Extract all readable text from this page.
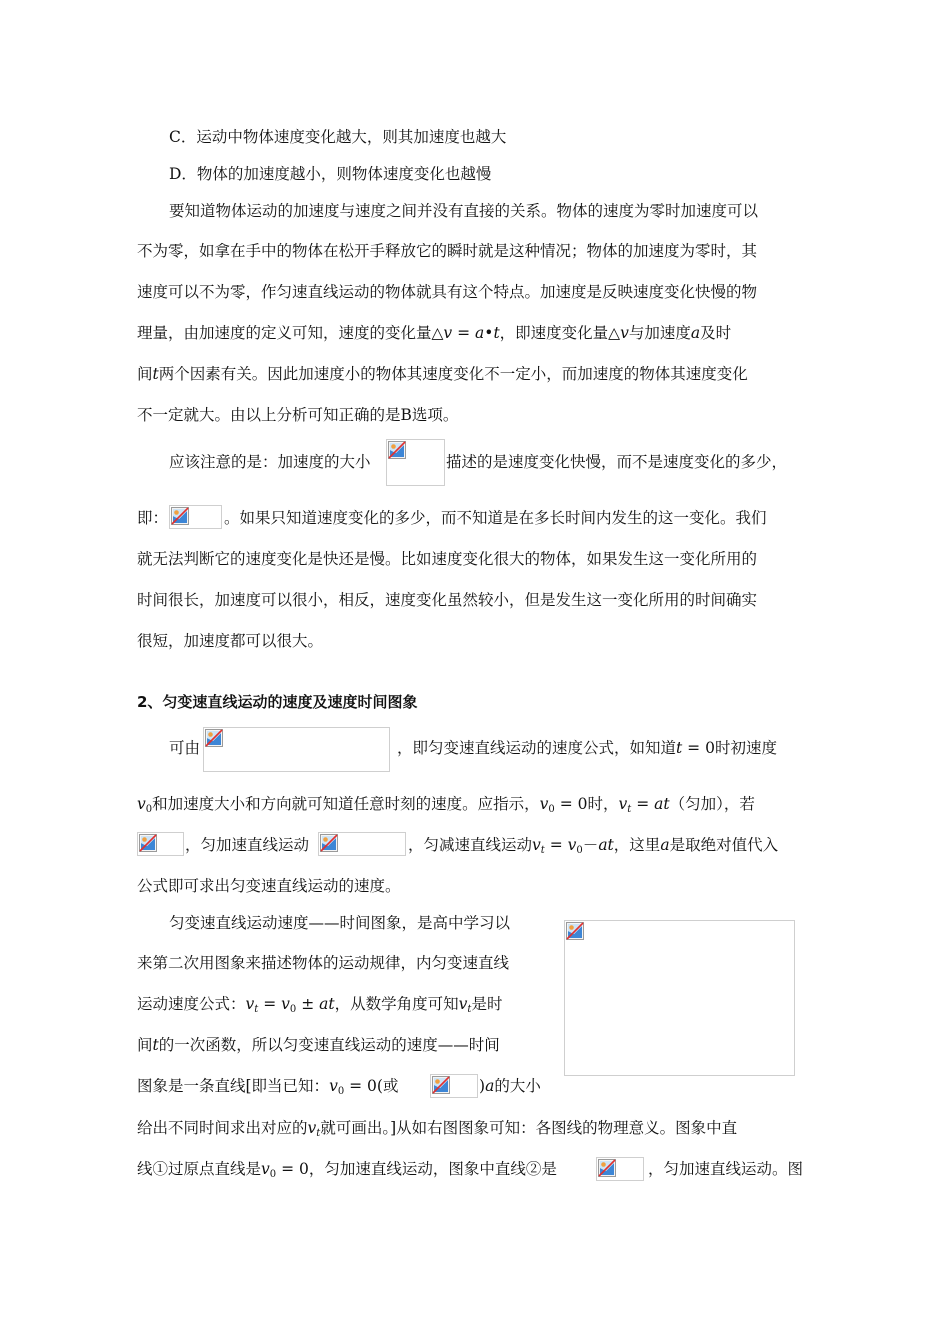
C．运动中物体速度变化越大，则其加速度也越大
D．物体的加速度越小，则物体速度变化也越慢
要知道物体运动的加速度与速度之间并没有直接的关系。物体的速度为零时加速度可以
不为零，如拿在手中的物体在松开手释放它的瞬时就是这种情况；物体的加速度为零时，其
速度可以不为零，作匀速直线运动的物体就具有这个特点。加速度是反映速度变化快慢的物
理量，由加速度的定义可知，速度的变化量△v = a•t，即速度变化量△v与加速度a及时
间t两个因素有关。因此加速度小的物体其速度变化不一定小，而加速度的物体其速度变化
不一定就大。由以上分析可知正确的是B选项。
应该注意的是：加速度的大小	描述的是速度变化快慢，而不是速度变化的多少，
即：	。如果只知道速度变化的多少，而不知道是在多长时间内发生的这一变化。我们
就无法判断它的速度变化是快还是慢。比如速度变化很大的物体，如果发生这一变化所用的
时间很长，加速度可以很小，相反，速度变化虽然较小，但是发生这一变化所用的时间确实
很短，加速度都可以很大。
2、匀变速直线运动的速度及速度时间图象
可由	，即匀变速直线运动的速度公式，如知道t = 0时初速度
$v_0$和加速度大小和方向就可知道任意时刻的速度。应指示，$v_0 = 0$时，$v_t = at$（匀加），若
，匀加速直线运动	，匀减速直线运动$v_t = v_0-at$，这里a是取绝对值代入
公式即可求出匀变速直线运动的速度。
匀变速直线运动速度——时间图象，是高中学习以
来第二次用图象来描述物体的运动规律，内匀变速直线
运动速度公式：$v_t = v_0$ ± at，从数学角度可知$v_t$是时
间t的一次函数，所以匀变速直线运动的速度——时间
图象是一条直线[即当已知：$v_0 = 0$(或	)a的大小
给出不同时间求出对应的$v_t$就可画出。]从如右图图象可知：各图线的物理意义。图象中直
线①过原点直线是$v_0 = 0$，匀加速直线运动，图象中直线②是	，匀加速直线运动。图
